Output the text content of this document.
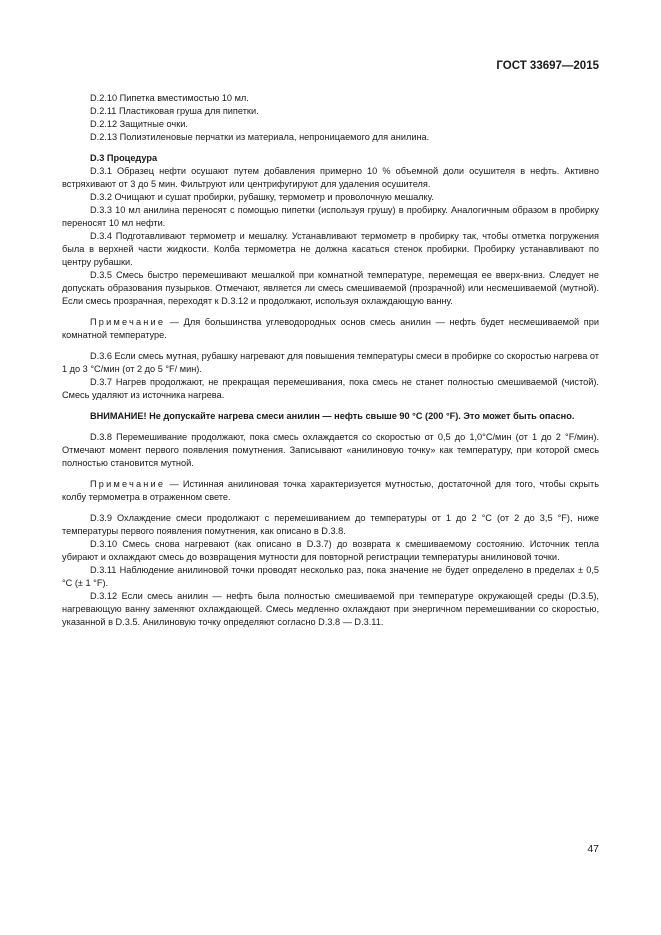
ГОСТ 33697—2015

D.2.10 Пипетка вместимостью 10 мл.

D.2.11 Пластиковая груша для пипетки.

D.2.12 Защитные очки.

D.2.13 Полиэтиленовые перчатки из материала, непроницаемого для анилина.

D.3 Процедура

D.3.1 Образец нефти осушают путем добавления примерно 10 % объемной доли осушителя в нефть. Активно встряхивают от 3 до 5 мин. Фильтруют или центрифугируют для удаления осушителя.

D.3.2 Очищают и сушат пробирки, рубашку, термометр и проволочную мешалку.

D.3.3 10 мл анилина переносят с помощью пипетки (используя грушу) в пробирку. Аналогичным образом в пробирку переносят 10 мл нефти.

D.3.4 Подготавливают термометр и мешалку. Устанавливают термометр в пробирку так, чтобы отметка погружения была в верхней части жидкости. Колба термометра не должна касаться стенок пробирки. Пробирку устанавливают по центру рубашки.

D.3.5 Смесь быстро перемешивают мешалкой при комнатной температуре, перемещая ее вверх-вниз. Следует не допускать образования пузырьков. Отмечают, является ли смесь смешиваемой (прозрачной) или несмешиваемой (мутной). Если смесь прозрачная, переходят к D.3.12 и продолжают, используя охлаждающую ванну.

Примечание — Для большинства углеводородных основ смесь анилин — нефть будет несмешиваемой при комнатной температуре.

D.3.6 Если смесь мутная, рубашку нагревают для повышения температуры смеси в пробирке со скоростью нагрева от 1 до 3 °С/мин (от 2 до 5 °F/ мин).

D.3.7 Нагрев продолжают, не прекращая перемешивания, пока смесь не станет полностью смешиваемой (чистой). Смесь удаляют из источника нагрева.

ВНИМАНИЕ! Не допускайте нагрева смеси анилин — нефть свыше 90 °С (200 °F). Это может быть опасно.

D.3.8 Перемешивание продолжают, пока смесь охлаждается со скоростью от 0,5 до 1,0°С/мин (от 1 до 2 °F/мин). Отмечают момент первого появления помутнения. Записывают «анилиновую точку» как температуру, при которой смесь полностью становится мутной.

Примечание — Истинная анилиновая точка характеризуется мутностью, достаточной для того, чтобы скрыть колбу термометра в отраженном свете.

D.3.9 Охлаждение смеси продолжают с перемешиванием до температуры от 1 до 2 °С (от 2 до 3,5 °F), ниже температуры первого появления помутнения, как описано в D.3.8.

D.3.10 Смесь снова нагревают (как описано в D.3.7) до возврата к смешиваемому состоянию. Источник тепла убирают и охлаждают смесь до возвращения мутности для повторной регистрации температуры анилиновой точки.

D.3.11 Наблюдение анилиновой точки проводят несколько раз, пока значение не будет определено в пределах ± 0,5 °С (± 1 °F).

D.3.12 Если смесь анилин — нефть была полностью смешиваемой при температуре окружающей среды (D.3.5), нагревающую ванну заменяют охлаждающей. Смесь медленно охлаждают при энергичном перемешивании со скоростью, указанной в D.3.5. Анилиновую точку определяют согласно D.3.8 — D.3.11.

47
